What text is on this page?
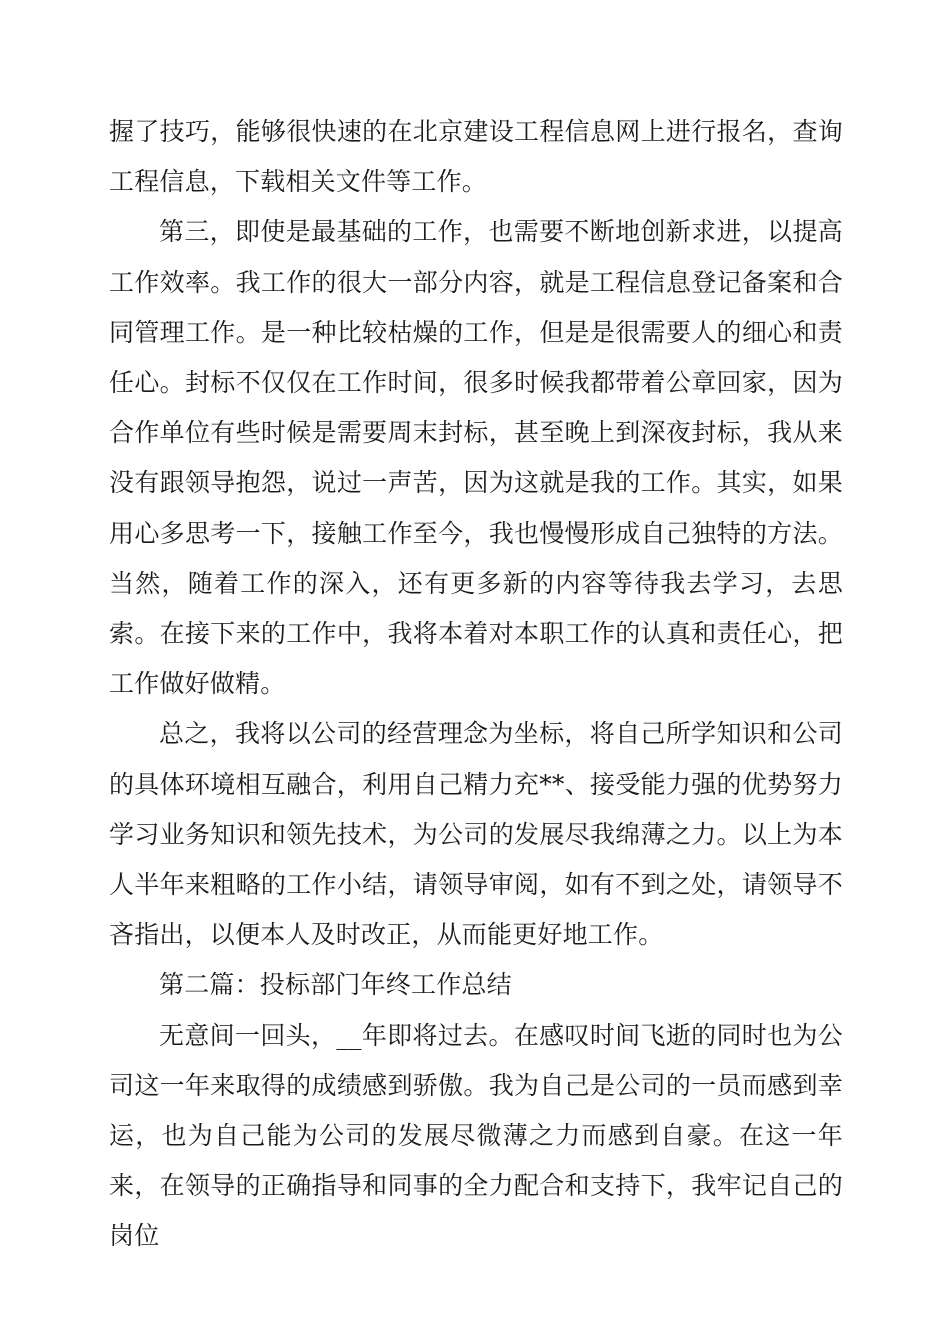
握了技巧，能够很快速的在北京建设工程信息网上进行报名，查询工程信息，下载相关文件等工作。

第三，即使是最基础的工作，也需要不断地创新求进，以提高工作效率。我工作的很大一部分内容，就是工程信息登记备案和合同管理工作。是一种比较枯燥的工作，但是是很需要人的细心和责任心。封标不仅仅在工作时间，很多时候我都带着公章回家，因为合作单位有些时候是需要周末封标，甚至晚上到深夜封标，我从来没有跟领导抱怨，说过一声苦，因为这就是我的工作。其实，如果用心多思考一下，接触工作至今，我也慢慢形成自己独特的方法。当然，随着工作的深入，还有更多新的内容等待我去学习，去思索。在接下来的工作中，我将本着对本职工作的认真和责任心，把工作做好做精。

总之，我将以公司的经营理念为坐标，将自己所学知识和公司的具体环境相互融合，利用自己精力充**、接受能力强的优势努力学习业务知识和领先技术，为公司的发展尽我绵薄之力。以上为本人半年来粗略的工作小结，请领导审阅，如有不到之处，请领导不吝指出，以便本人及时改正，从而能更好地工作。

第二篇：投标部门年终工作总结

无意间一回头，__年即将过去。在感叹时间飞逝的同时也为公司这一年来取得的成绩感到骄傲。我为自己是公司的一员而感到幸运，也为自己能为公司的发展尽微薄之力而感到自豪。在这一年来，在领导的正确指导和同事的全力配合和支持下，我牢记自己的岗位
